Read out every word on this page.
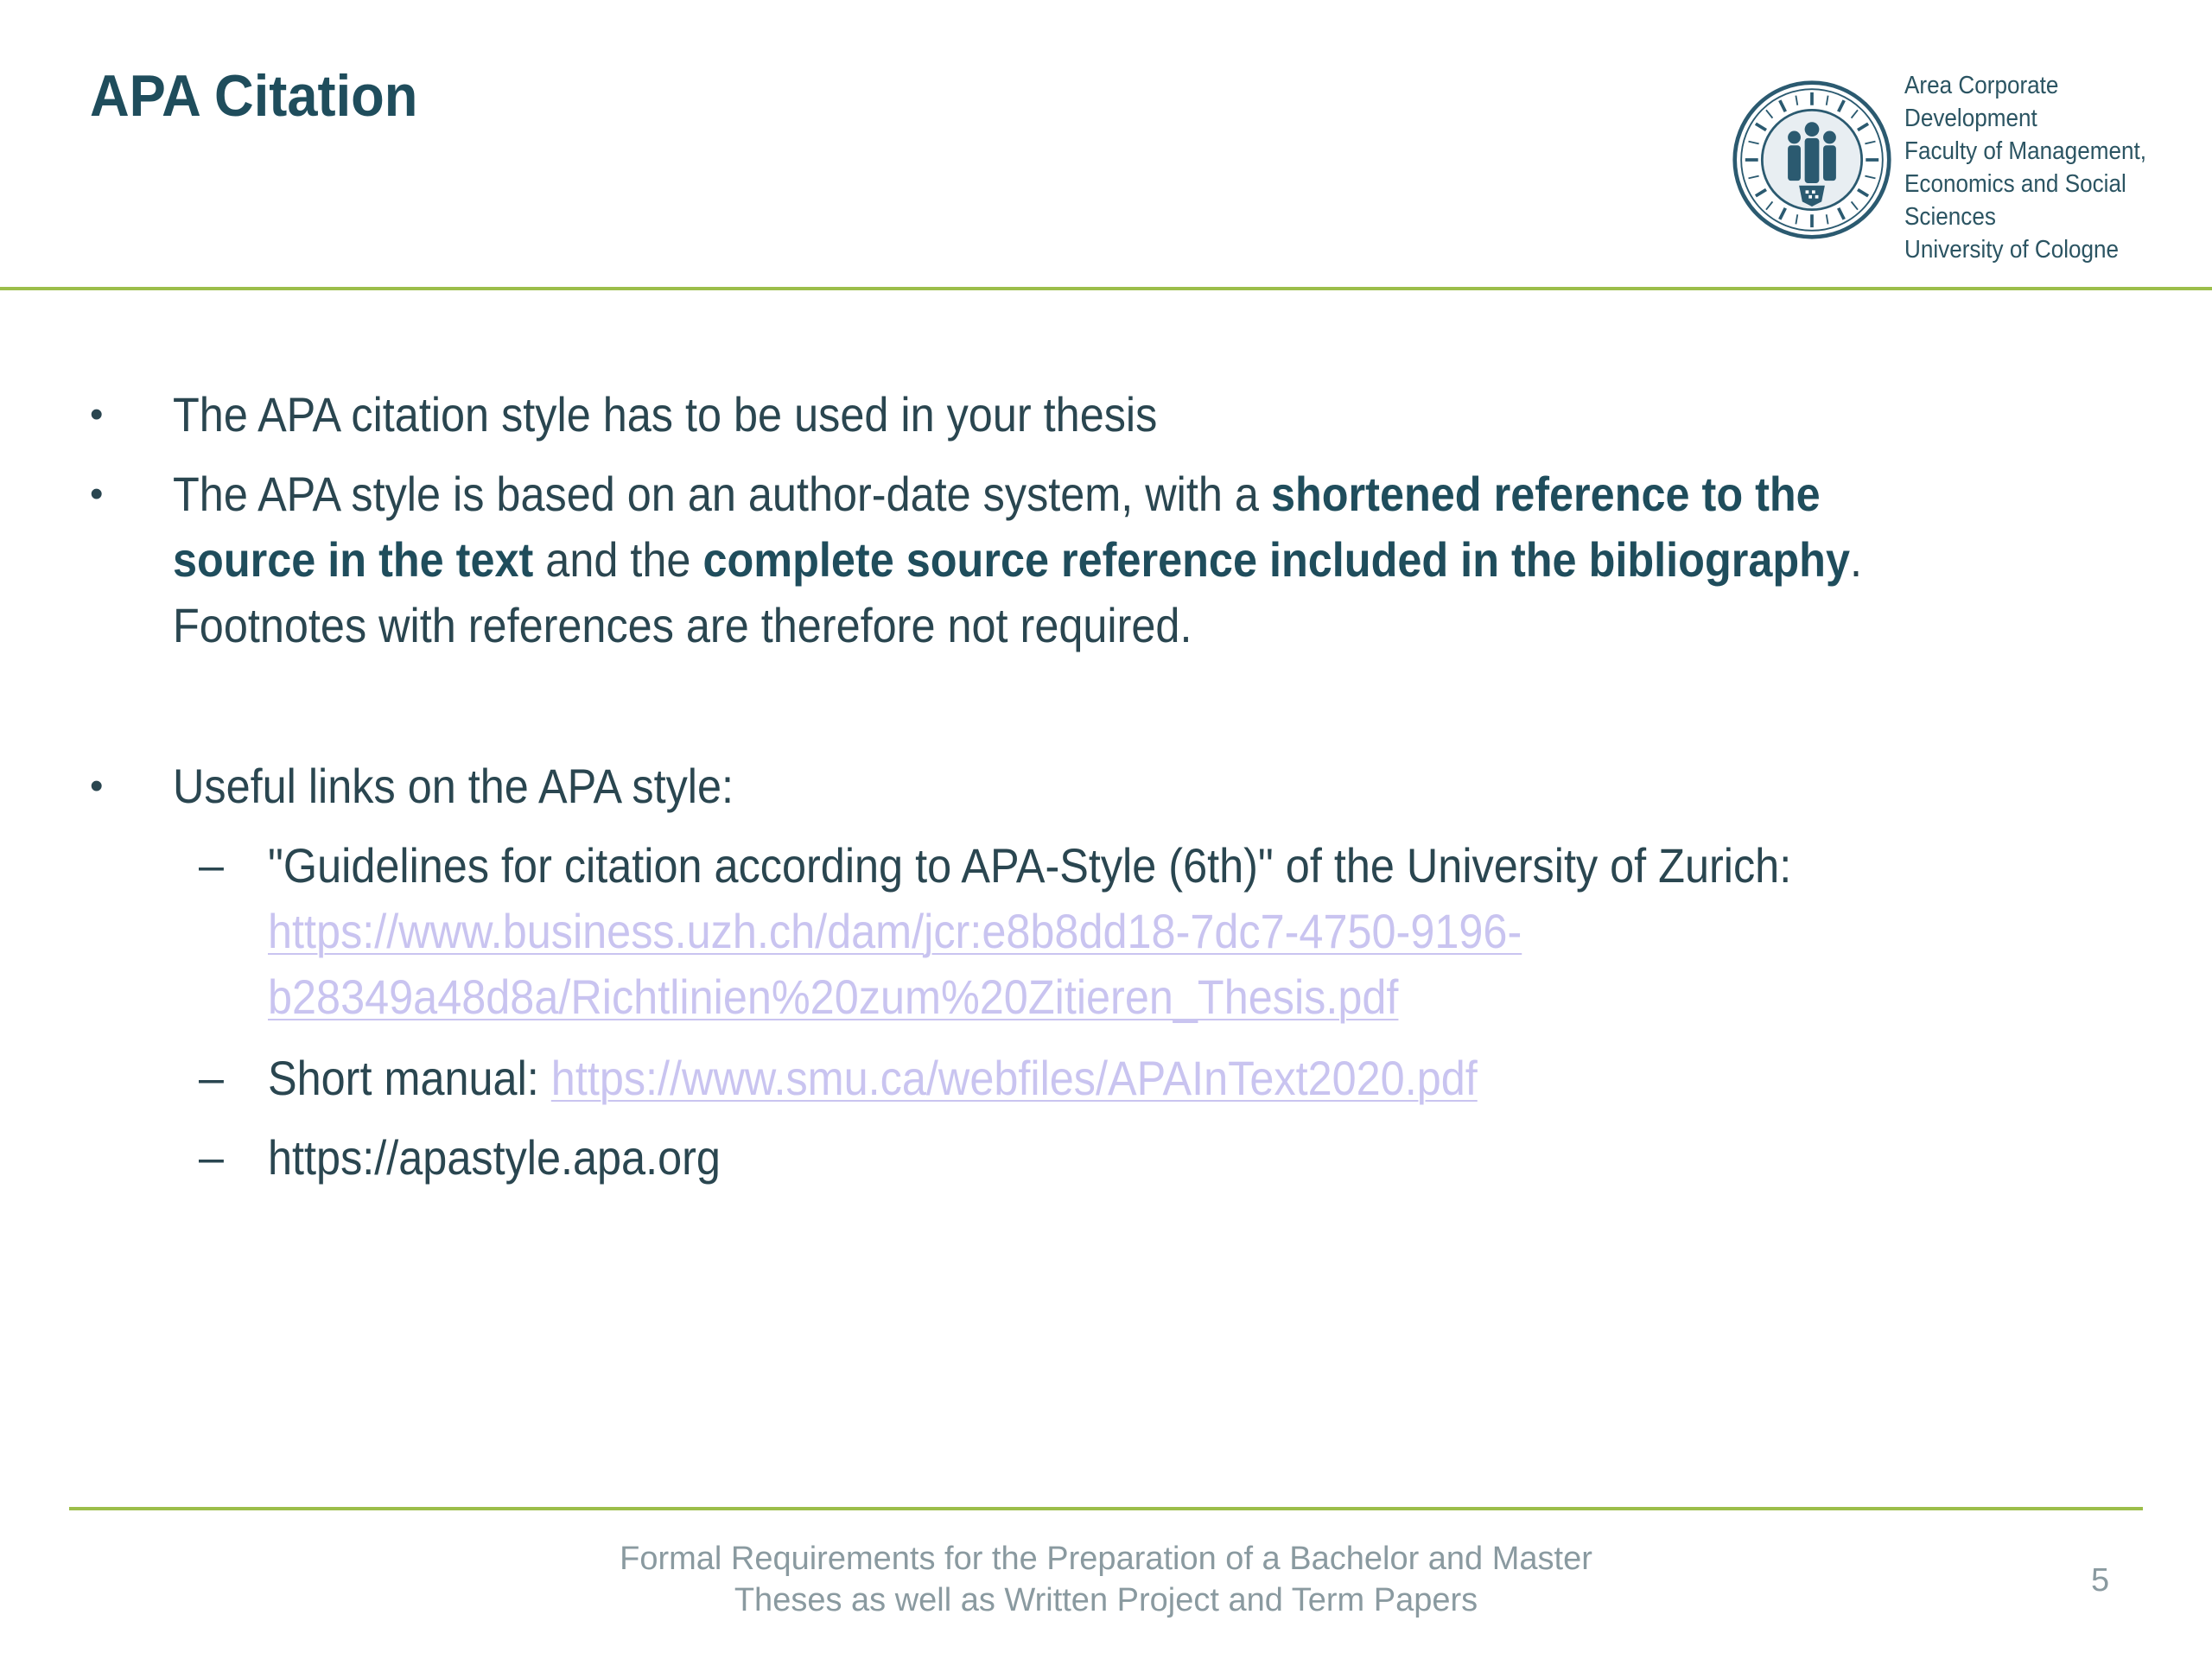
APA Citation	Area Corporate
Development
Faculty of Management,
Economics and Social
Sciences
University of Cologne
•	The APA citation style has to be used in your thesis
•	The APA style is based on an author-date system, with a shortened reference to the source in the text and the complete source reference included in the bibliography. Footnotes with references are therefore not required.
•	Useful links on the APA style:
– "Guidelines for citation according to APA-Style (6th)" of the University of Zurich:
https://www.business.uzh.ch/dam/jcr:e8b8dd18-7dc7-4750-9196-
b28349a48d8a/Richtlinien%20zum%20Zitieren_Thesis.pdf
– Short manual: https://www.smu.ca/webfiles/APAInText2020.pdf
– https://apastyle.apa.org
Formal Requirements for the Preparation of a Bachelor and Master
Theses as well as Written Project and Term Papers
5
